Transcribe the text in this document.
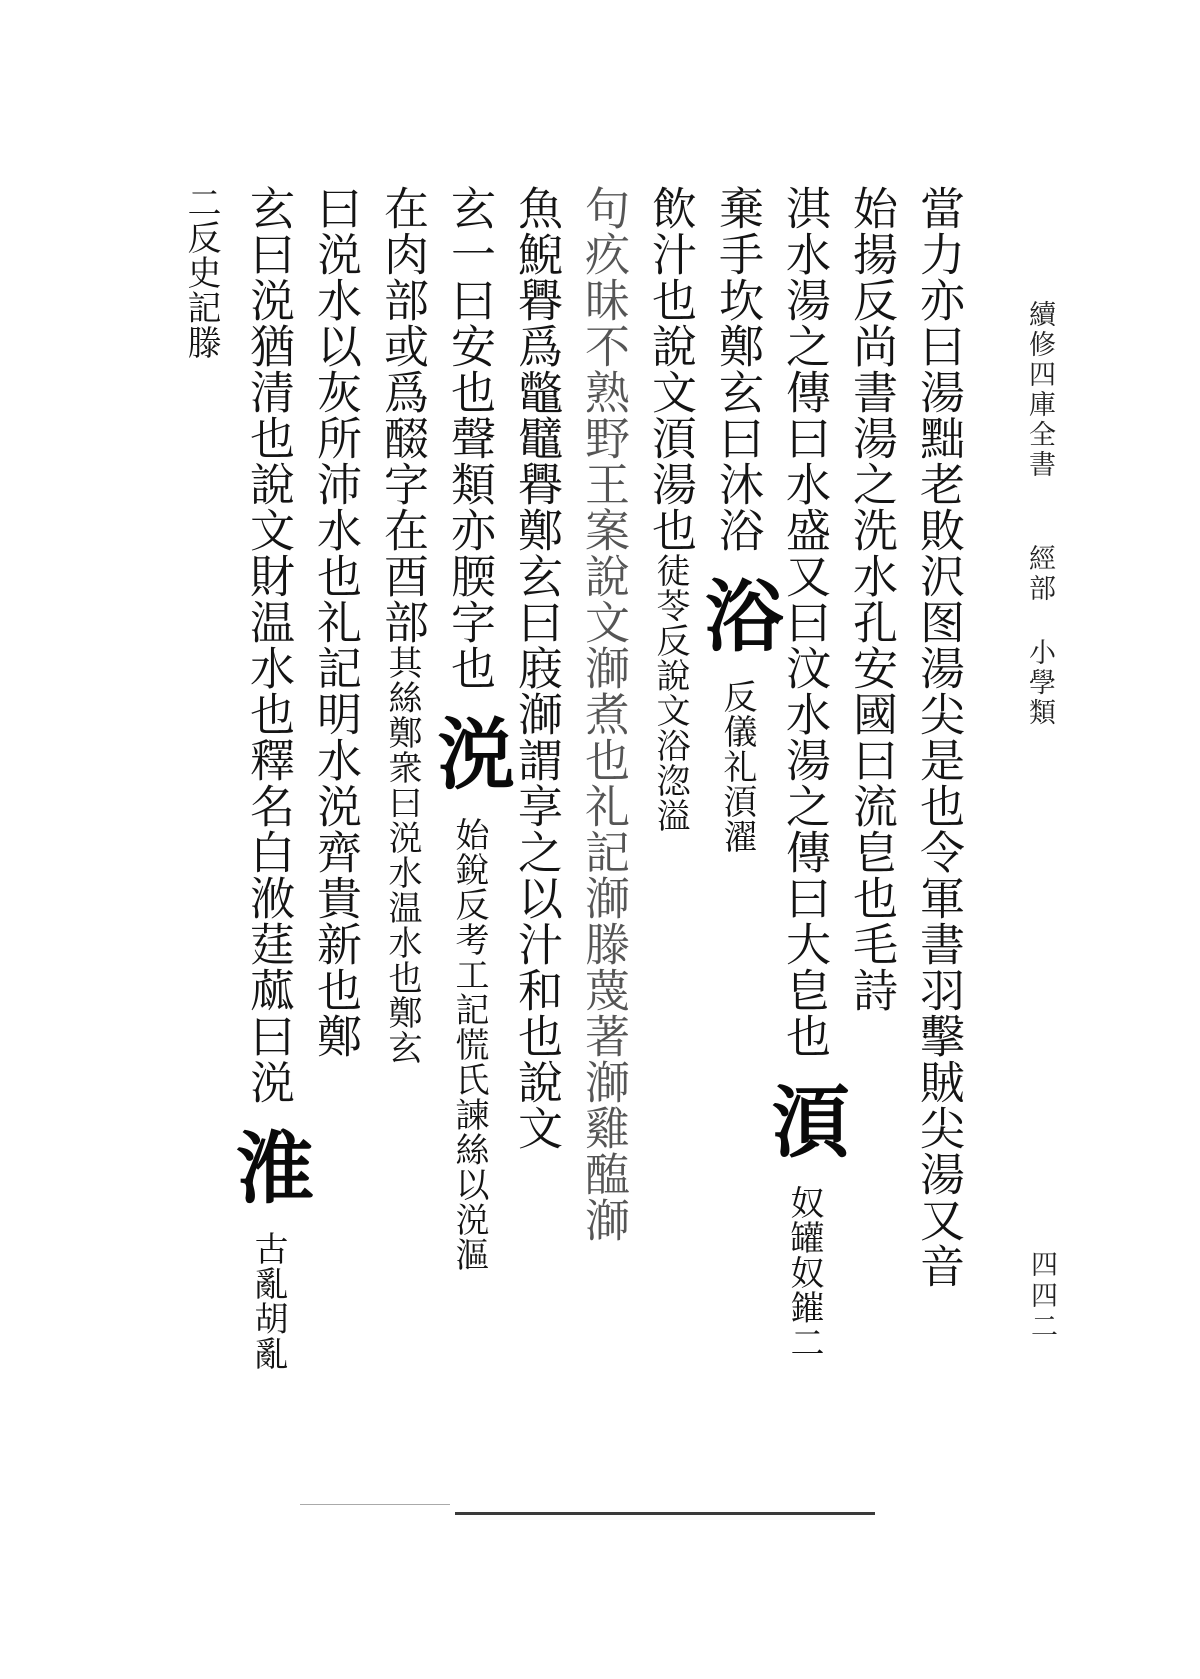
續修四庫全書
經部
小學類
四四二
當力亦曰湯黜老敗沢图湯尖是也令軍書羽擊賊尖湯又音
始揚反尚書湯之洗水孔安國曰流皀也毛詩
淇水湯之傳曰水盛又曰汶水湯之傳曰大皀也湏奴罐奴鏙二
棄手坎鄭玄曰沐浴浴反儀礼湏濯
飲汁也說文湏湯也徒苓反說文浴淴溢
句疚昧不熟野王案說文溮煮也礼記溮滕蔑著溮雞醢溮
魚鯢臖爲鼈鼊臖鄭玄曰庪溮謂享之以汁和也說文
玄一曰安也聲類亦腝字也涚始銳反考工記慌氏諫絲以涚漚
在肉部或爲醊字在酉部其絲鄭衆曰涚水温水也鄭玄
曰涚水以灰所沛水也礼記明水涚齊貴新也鄭
玄曰涚猶清也說文財温水也釋名白浟莛蓏曰涚淮古亂胡亂
二反史記滕
